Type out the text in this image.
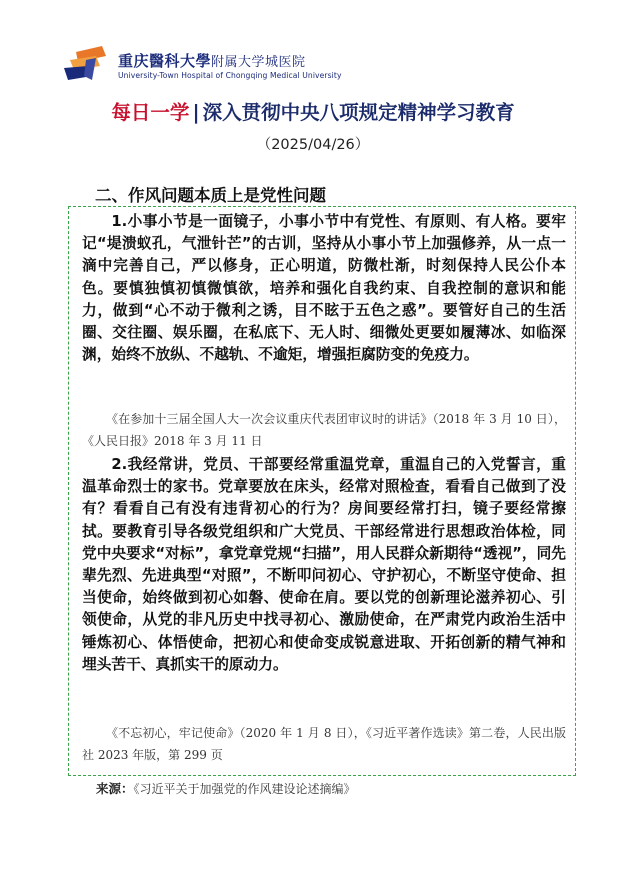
重庆醫科大學附属大学城医院
University-Town Hospital of Chongqing Medical University
每日一学 | 深入贯彻中央八项规定精神学习教育
（2025/04/26）
二、作风问题本质上是党性问题

1.小事小节是一面镜子，小事小节中有党性、有原则、有人格。要牢记“堤溃蚁孔，气泄针芒”的古训，坚持从小事小节上加强修养，从一点一滴中完善自己，严以修身，正心明道，防微杜渐，时刻保持人民公仆本色。要慎独慎初慎微慎欲，培养和强化自我约束、自我控制的意识和能力，做到“心不动于微利之诱，目不眩于五色之惑”。要管好自己的生活圈、交往圈、娱乐圈，在私底下、无人时、细微处更要如履薄冰、如临深渊，始终不放纵、不越轨、不逾矩，增强拒腐防变的免疫力。

《在参加十三届全国人大一次会议重庆代表团审议时的讲话》（2018 年 3 月 10 日），《人民日报》2018 年 3 月 11 日

2.我经常讲，党员、干部要经常重温党章，重温自己的入党誓言，重温革命烈士的家书。党章要放在床头，经常对照检查，看看自己做到了没有？看看自己有没有违背初心的行为？房间要经常打扫，镜子要经常擦拭。要教育引导各级党组织和广大党员、干部经常进行思想政治体检，同党中央要求“对标”，拿党章党规“扫描”，用人民群众新期待“透视”，同先辈先烈、先进典型“对照”，不断叩问初心、守护初心，不断坚守使命、担当使命，始终做到初心如磐、使命在肩。要以党的创新理论滋养初心、引领使命，从党的非凡历史中找寻初心、激励使命，在严肃党内政治生活中锤炼初心、体悟使命，把初心和使命变成锐意进取、开拓创新的精气神和埋头苦干、真抓实干的原动力。

《不忘初心，牢记使命》（2020 年 1 月 8 日），《习近平著作选读》第二卷，人民出版社 2023 年版，第 299 页

来源：《习近平关于加强党的作风建设论述摘编》
